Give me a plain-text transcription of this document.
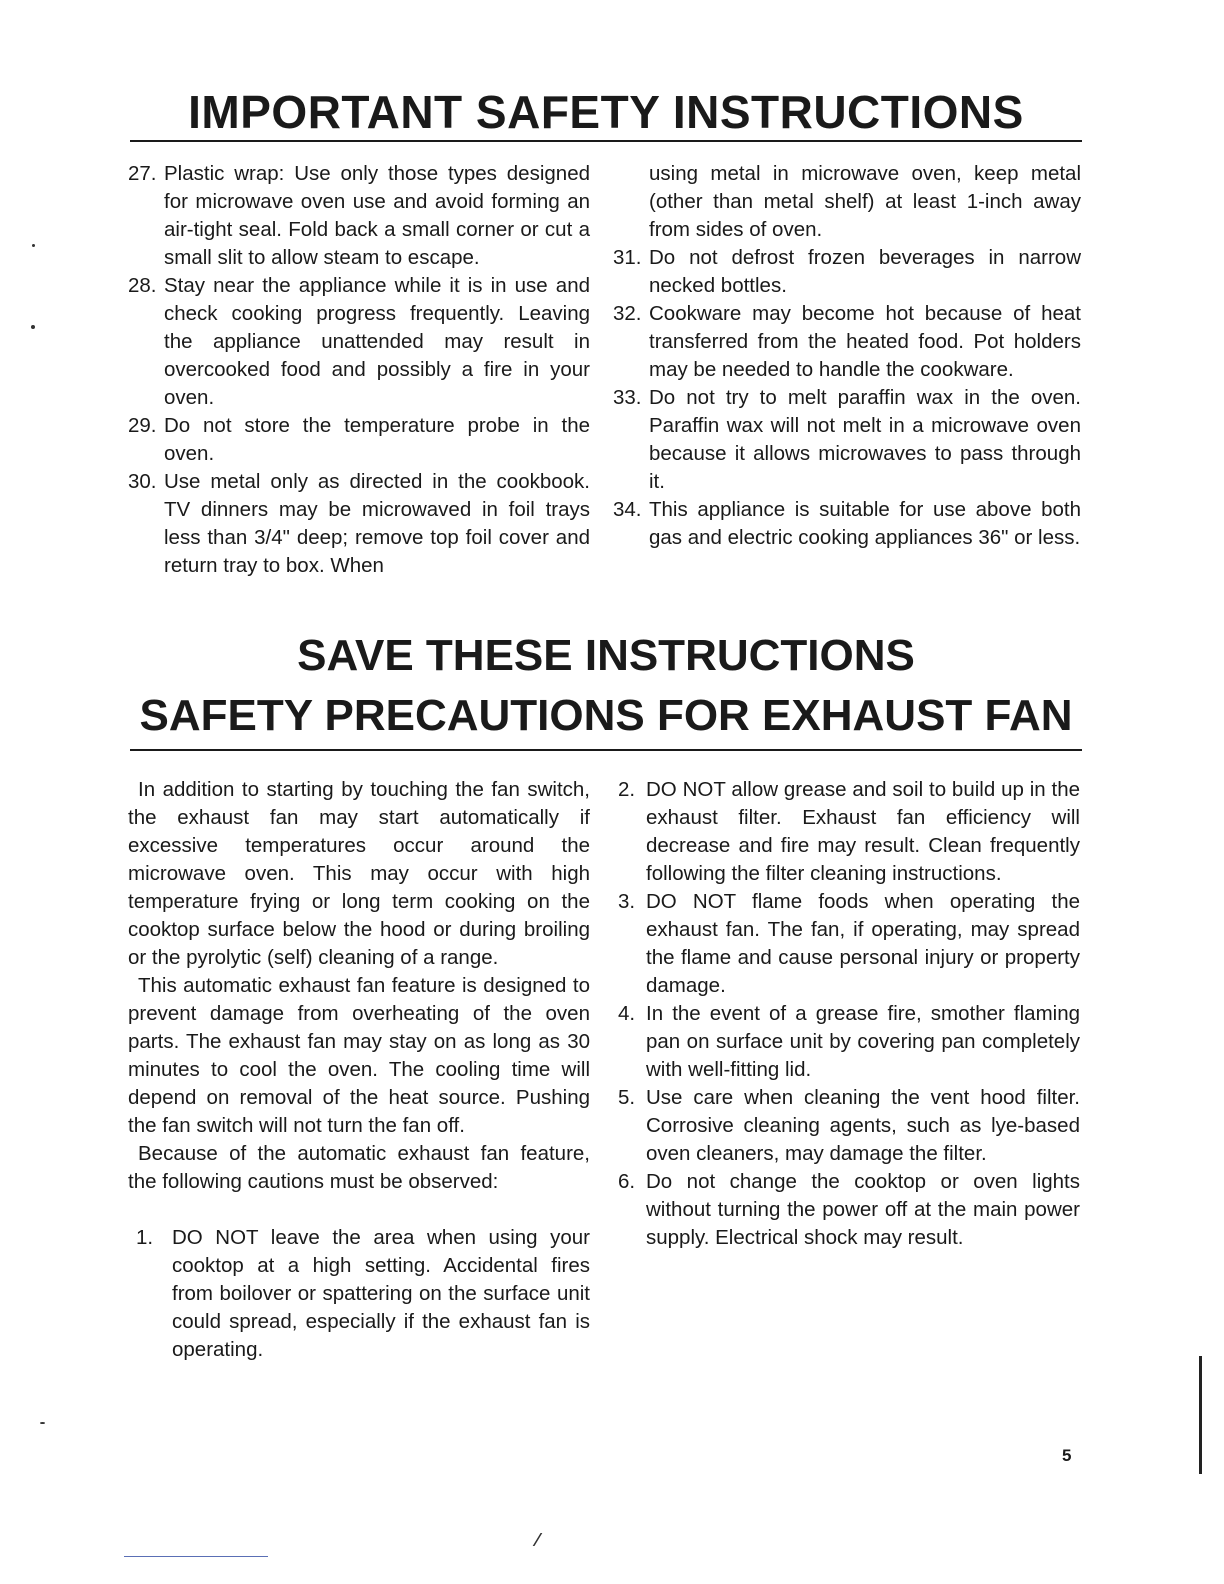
IMPORTANT SAFETY INSTRUCTIONS
27. Plastic wrap: Use only those types designed for microwave oven use and avoid forming an air-tight seal. Fold back a small corner or cut a small slit to allow steam to escape.
28. Stay near the appliance while it is in use and check cooking progress frequently. Leaving the appliance unattended may result in overcooked food and possibly a fire in your oven.
29. Do not store the temperature probe in the oven.
30. Use metal only as directed in the cookbook. TV dinners may be microwaved in foil trays less than 3/4" deep; remove top foil cover and return tray to box. When
using metal in microwave oven, keep metal (other than metal shelf) at least 1-inch away from sides of oven.
31. Do not defrost frozen beverages in narrow necked bottles.
32. Cookware may become hot because of heat transferred from the heated food. Pot holders may be needed to handle the cookware.
33. Do not try to melt paraffin wax in the oven. Paraffin wax will not melt in a microwave oven because it allows microwaves to pass through it.
34. This appliance is suitable for use above both gas and electric cooking appliances 36" or less.
SAVE THESE INSTRUCTIONS
SAFETY PRECAUTIONS FOR EXHAUST FAN

In addition to starting by touching the fan switch, the exhaust fan may start automatically if excessive temperatures occur around the microwave oven. This may occur with high temperature frying or long term cooking on the cooktop surface below the hood or during broiling or the pyrolytic (self) cleaning of a range.

This automatic exhaust fan feature is designed to prevent damage from overheating of the oven parts. The exhaust fan may stay on as long as 30 minutes to cool the oven. The cooling time will depend on removal of the heat source. Pushing the fan switch will not turn the fan off.

Because of the automatic exhaust fan feature, the following cautions must be observed:

1. DO NOT leave the area when using your cooktop at a high setting. Accidental fires from boilover or spattering on the surface unit could spread, especially if the exhaust fan is operating.
2. DO NOT allow grease and soil to build up in the exhaust filter. Exhaust fan efficiency will decrease and fire may result. Clean frequently following the filter cleaning instructions.
3. DO NOT flame foods when operating the exhaust fan. The fan, if operating, may spread the flame and cause personal injury or property damage.
4. In the event of a grease fire, smother flaming pan on surface unit by covering pan completely with well-fitting lid.
5. Use care when cleaning the vent hood filter. Corrosive cleaning agents, such as lye-based oven cleaners, may damage the filter.
6. Do not change the cooktop or oven lights without turning the power off at the main power supply. Electrical shock may result.
5
⁄
